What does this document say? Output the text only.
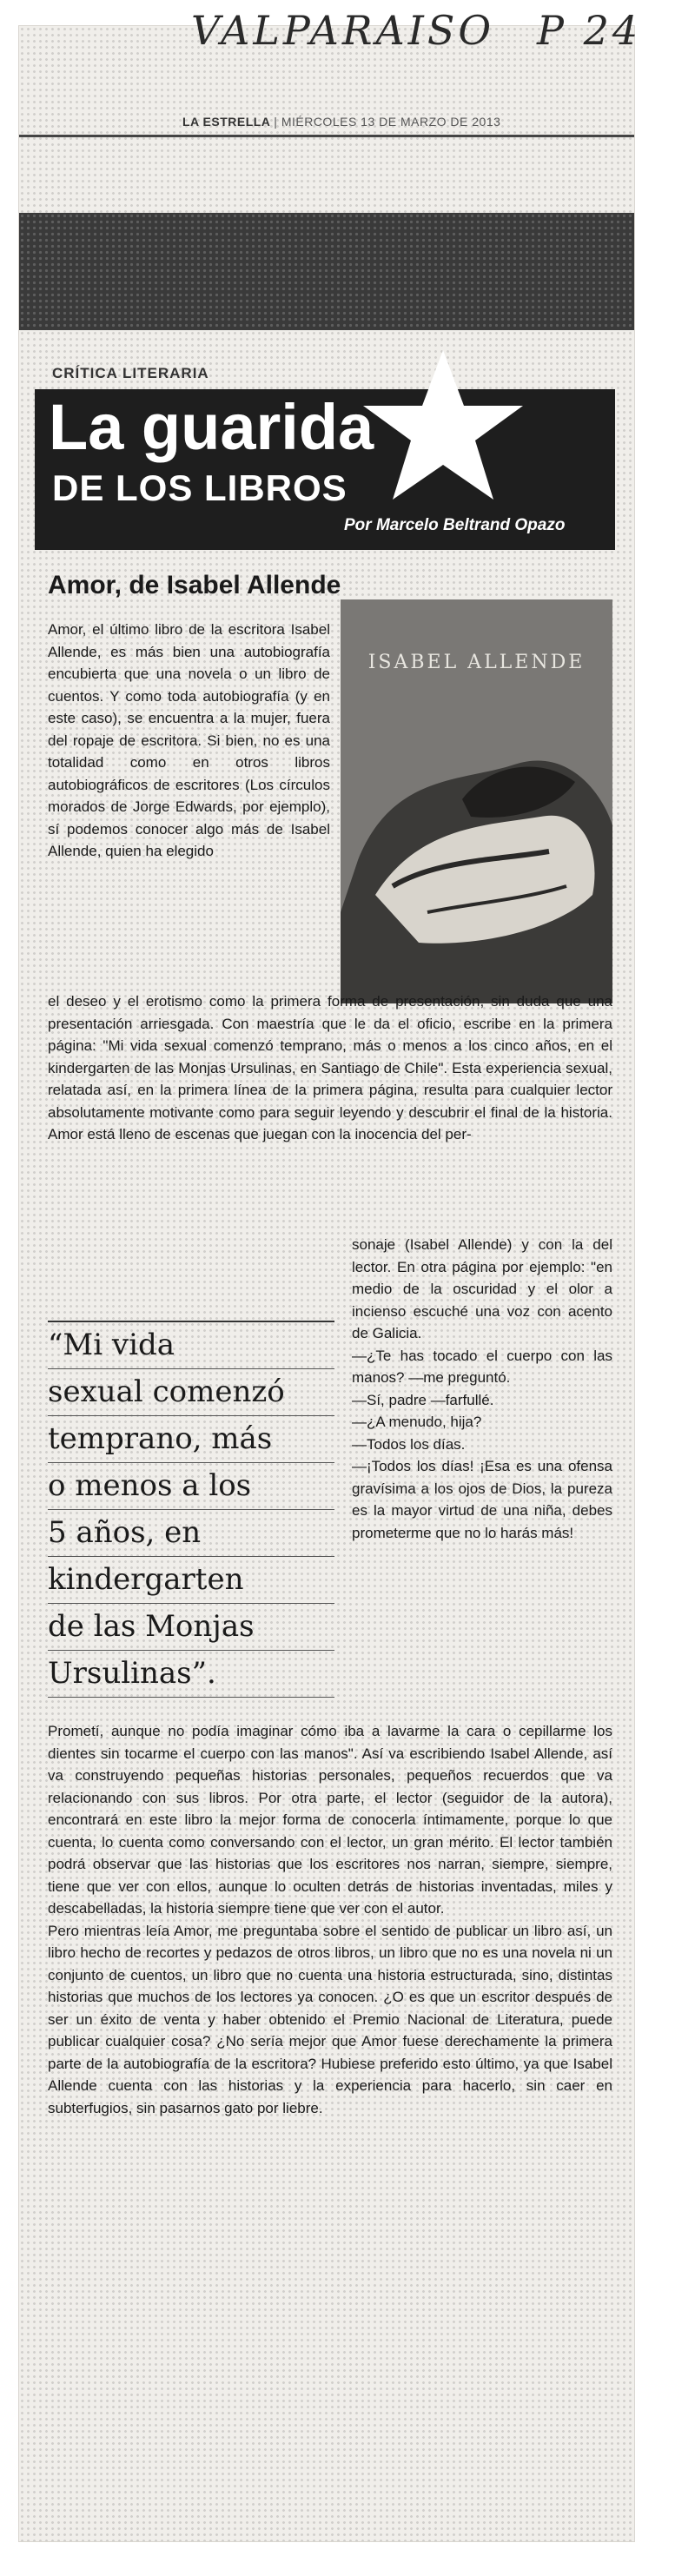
VALPARAISO P 24
LA ESTRELLA | MIÉRCOLES 13 DE MARZO DE 2013
CRÍTICA LITERARIA
La guarida
DE LOS LIBROS
Por Marcelo Beltrand Opazo
Amor, de Isabel Allende
ISABEL ALLENDE
Amor, el último libro de la escritora Isabel Allende, es más bien una autobiografía encubierta que una novela o un libro de cuentos. Y como toda autobiografía (y en este caso), se encuentra a la mujer, fuera del ropaje de escritora. Si bien, no es una totalidad como en otros libros autobiográficos de escritores (Los círculos morados de Jorge Edwards, por ejemplo), sí podemos conocer algo más de Isabel Allende, quien ha elegido
el deseo y el erotismo como la primera forma de presentación, sin duda que una presentación arriesgada. Con maestría que le da el oficio, escribe en la primera página: "Mi vida sexual comenzó temprano, más o menos a los cinco años, en el kindergarten de las Monjas Ursulinas, en Santiago de Chile". Esta experiencia sexual, relatada así, en la primera línea de la primera página, resulta para cualquier lector absolutamente motivante como para seguir leyendo y descubrir el final de la historia. Amor está lleno de escenas que juegan con la inocencia del per-
sonaje (Isabel Allende) y con la del lector. En otra página por ejemplo: "en medio de la oscuridad y el olor a incienso escuché una voz con acento de Galicia.
—¿Te has tocado el cuerpo con las manos? —me preguntó.
—Sí, padre —farfullé.
—¿A menudo, hija?
—Todos los días.
—¡Todos los días! ¡Esa es una ofensa gravísima a los ojos de Dios, la pureza es la mayor virtud de una niña, debes prometerme que no lo harás más!
“Mi vida
sexual comenzó
temprano, más
o menos a los
5 años, en
kindergarten
de las Monjas
Ursulinas”.
Prometí, aunque no podía imaginar cómo iba a lavarme la cara o cepillarme los dientes sin tocarme el cuerpo con las manos". Así va escribiendo Isabel Allende, así va construyendo pequeñas historias personales, pequeños recuerdos que va relacionando con sus libros. Por otra parte, el lector (seguidor de la autora), encontrará en este libro la mejor forma de conocerla íntimamente, porque lo que cuenta, lo cuenta como conversando con el lector, un gran mérito. El lector también podrá observar que las historias que los escritores nos narran, siempre, siempre, tiene que ver con ellos, aunque lo oculten detrás de historias inventadas, miles y descabelladas, la historia siempre tiene que ver con el autor.
Pero mientras leía Amor, me preguntaba sobre el sentido de publicar un libro así, un libro hecho de recortes y pedazos de otros libros, un libro que no es una novela ni un conjunto de cuentos, un libro que no cuenta una historia estructurada, sino, distintas historias que muchos de los lectores ya conocen. ¿O es que un escritor después de ser un éxito de venta y haber obtenido el Premio Nacional de Literatura, puede publicar cualquier cosa? ¿No sería mejor que Amor fuese derechamente la primera parte de la autobiografía de la escritora? Hubiese preferido esto último, ya que Isabel Allende cuenta con las historias y la experiencia para hacerlo, sin caer en subterfugios, sin pasarnos gato por liebre.
